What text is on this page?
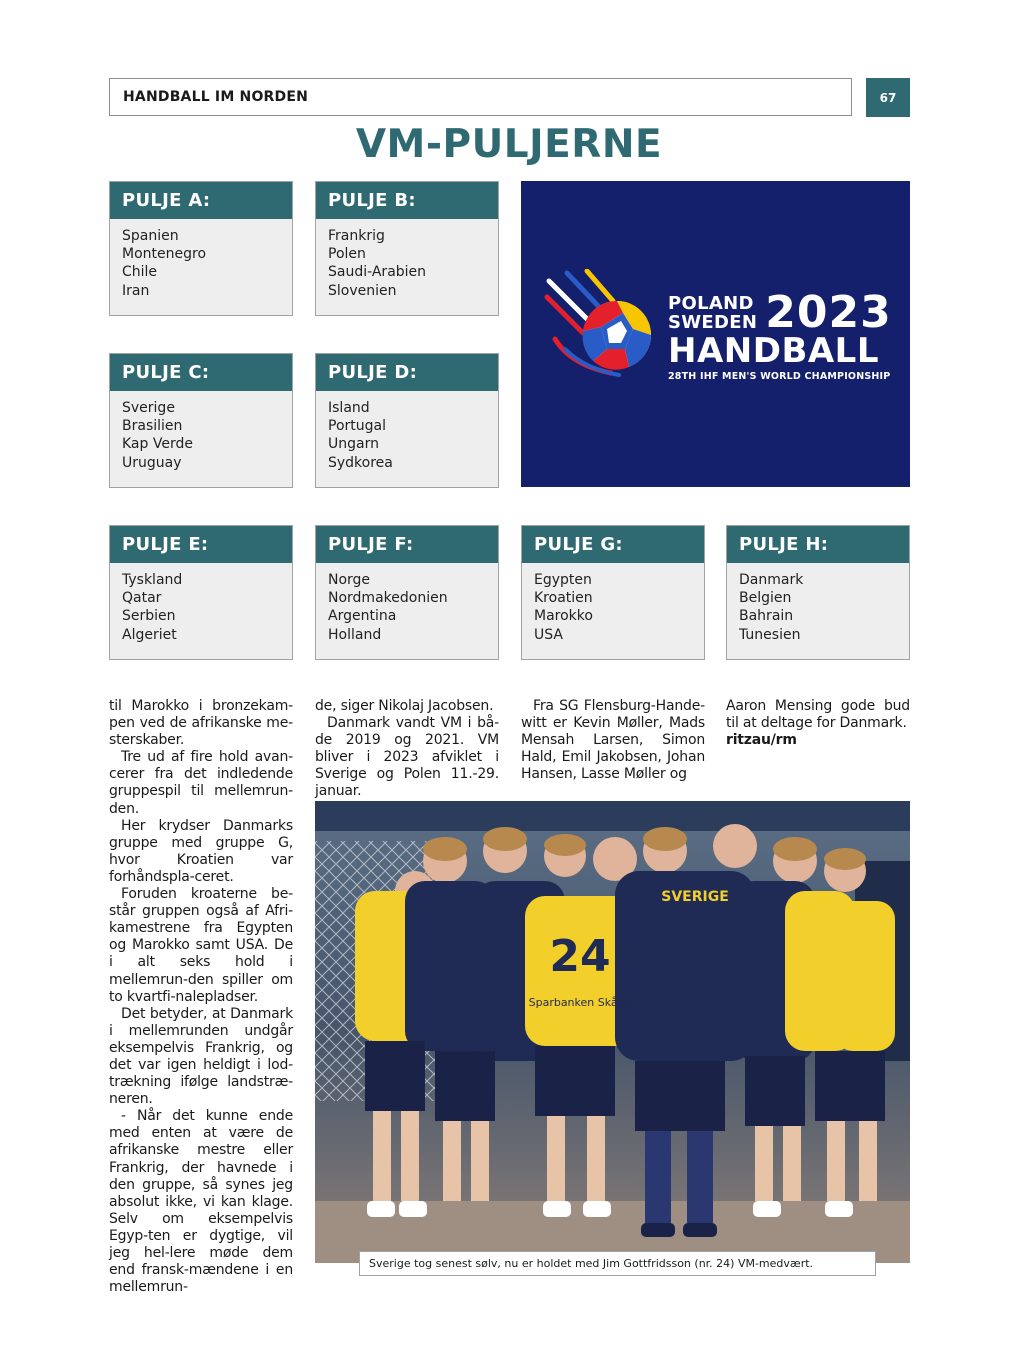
HANDBALL IM NORDEN	67
VM-PULJERNE
PULJE A:
Spanien
Montenegro
Chile
Iran
PULJE B:
Frankrig
Polen
Saudi-Arabien
Slovenien
PULJE C:
Sverige
Brasilien
Kap Verde
Uruguay
PULJE D:
Island
Portugal
Ungarn
Sydkorea
PULJE E:
Tyskland
Qatar
Serbien
Algeriet
PULJE F:
Norge
Nordmakedonien
Argentina
Holland
PULJE G:
Egypten
Kroatien
Marokko
USA
PULJE H:
Danmark
Belgien
Bahrain
Tunesien
POLAND
SWEDEN 2023
HANDBALL
28TH IHF MEN'S WORLD CHAMPIONSHIP

til Marokko i bronzekam-pen ved de afrikanske me-sterskaber.

Tre ud af fire hold avan-cerer fra det indledende gruppespil til mellemrun-den.

Her krydser Danmarks gruppe med gruppe G, hvor Kroatien var forhåndspla-ceret.

Foruden kroaterne be-står gruppen også af Afri-kamestrene fra Egypten og Marokko samt USA. De i alt seks hold i mellemrun-den spiller om to kvartfi-nalepladser.

Det betyder, at Danmark i mellemrunden undgår eksempelvis Frankrig, og det var igen heldigt i lod-trækning ifølge landstræ-neren.

- Når det kunne ende med enten at være de afrikanske mestre eller Frankrig, der havnede i den gruppe, så synes jeg absolut ikke, vi kan klage. Selv om eksempelvis Egyp-ten er dygtige, vil jeg hel-lere møde dem end fransk-mændene i en mellemrun-

de, siger Nikolaj Jacobsen.

Danmark vandt VM i bå-de 2019 og 2021. VM bliver i 2023 afviklet i Sverige og Polen 11.-29. januar.

Fra SG Flensburg-Hande-witt er Kevin Møller, Mads Mensah Larsen, Simon Hald, Emil Jakobsen, Johan Hansen, Lasse Møller og

Aaron Mensing gode bud til at deltage for Danmark.

ritzau/rm

24
Sparbanken Skåne
SVERIGE
Sverige tog senest sølv, nu er holdet med Jim Gottfridsson (nr. 24) VM-medvært.
